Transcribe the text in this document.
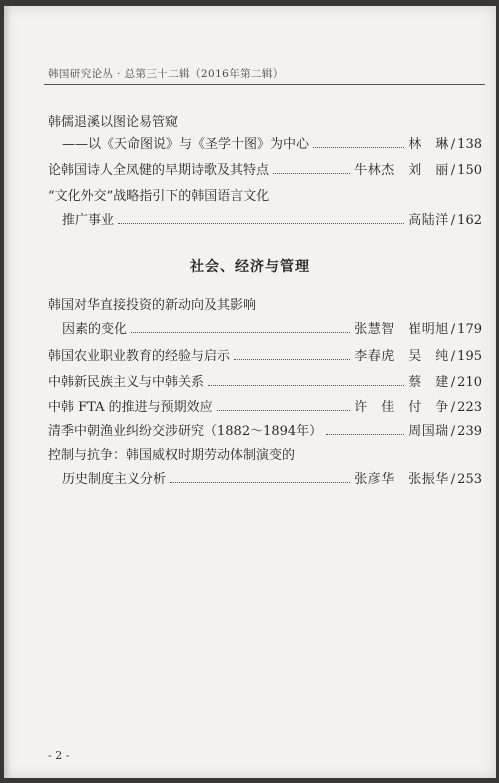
韩国研究论丛 · 总第三十二辑（2016年第二辑）
韩儒退溪以图论易管窥
——以《天命图说》与《圣学十图》为中心	林　琳 / 138
论韩国诗人全凤健的早期诗歌及其特点	牛林杰　刘　丽 / 150
“文化外交”战略指引下的韩国语言文化
推广事业	高陆洋 / 162
社会、经济与管理
韩国对华直接投资的新动向及其影响
因素的变化	张慧智　崔明旭 / 179
韩国农业职业教育的经验与启示	李春虎　吴　纯 / 195
中韩新民族主义与中韩关系	蔡　建 / 210
中韩 FTA 的推进与预期效应	许　佳　付　争 / 223
清季中朝渔业纠纷交涉研究（1882～1894年）	周国瑞 / 239
控制与抗争：韩国威权时期劳动体制演变的
历史制度主义分析	张彦华　张振华 / 253
- 2 -
